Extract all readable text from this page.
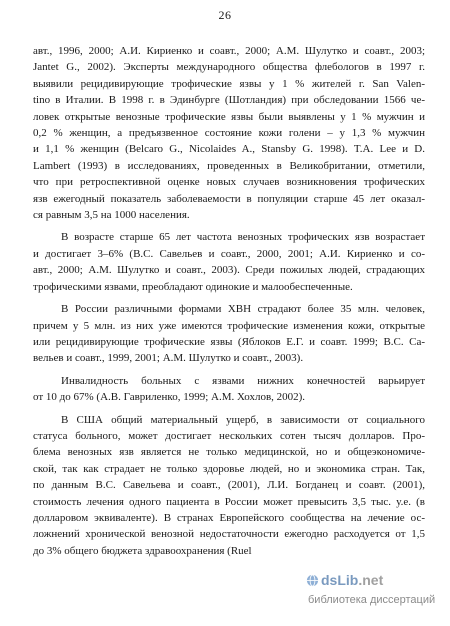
26

авт., 1996, 2000; А.И. Кириенко и соавт., 2000; А.М. Шулутко и соавт., 2003;
Jantet G., 2002). Эксперты международного общества флебологов в 1997 г.
выявили рецидивирующие трофические язвы у 1 % жителей г. San Valen-
tino в Италии. В 1998 г. в Эдинбурге (Шотландия) при обследовании 1566 че-
ловек открытые венозные трофические язвы были выявлены у 1 % мужчин и
0,2 % женщин, а предъязвенное состояние кожи голени – у 1,3 % мужчин
и 1,1 % женщин (Belcaro G., Nicolaides A., Stansby G. 1998). T.A. Lee и D.
Lambert (1993) в исследованиях, проведенных в Великобритании, отметили,
что при ретроспективной оценке новых случаев возникновения трофических
язв ежегодный показатель заболеваемости в популяции старше 45 лет оказал-
ся равным 3,5 на 1000 населения.

В возрасте старше 65 лет частота венозных трофических язв возрастает
и достигает 3–6% (В.С. Савельев и соавт., 2000, 2001; А.И. Кириенко и со-
авт., 2000; А.М. Шулутко и соавт., 2003). Среди пожилых людей, страдающих
трофическими язвами, преобладают одинокие и малообеспеченные.

В России различными формами ХВН страдают более 35 млн. человек,
причем у 5 млн. из них уже имеются трофические изменения кожи, открытые
или рецидивирующие трофические язвы (Яблоков Е.Г. и соавт. 1999; В.С. Са-
вельев и соавт., 1999, 2001; А.М. Шулутко и соавт., 2003).

Инвалидность больных с язвами нижних конечностей варьирует
от 10 до 67% (А.В. Гавриленко, 1999; А.М. Хохлов, 2002).

В США общий материальный ущерб, в зависимости от социального
статуса больного, может достигает нескольких сотен тысяч долларов. Про-
блема венозных язв является не только медицинской, но и общеэкономиче-
ской, так как страдает не только здоровье людей, но и экономика стран. Так,
по данным В.С. Савельева и соавт., (2001), Л.И. Богданец и соавт. (2001),
стоимость лечения одного пациента в России может превысить 3,5 тыс. у.е. (в
долларовом эквиваленте). В странах Европейского сообщества на лечение ос-
ложнений хронической венозной недостаточности ежегодно расходуется от 1,5
до 3% общего бюджета здравоохранения (Ruel

dsLib .net
библиотека диссертаций
